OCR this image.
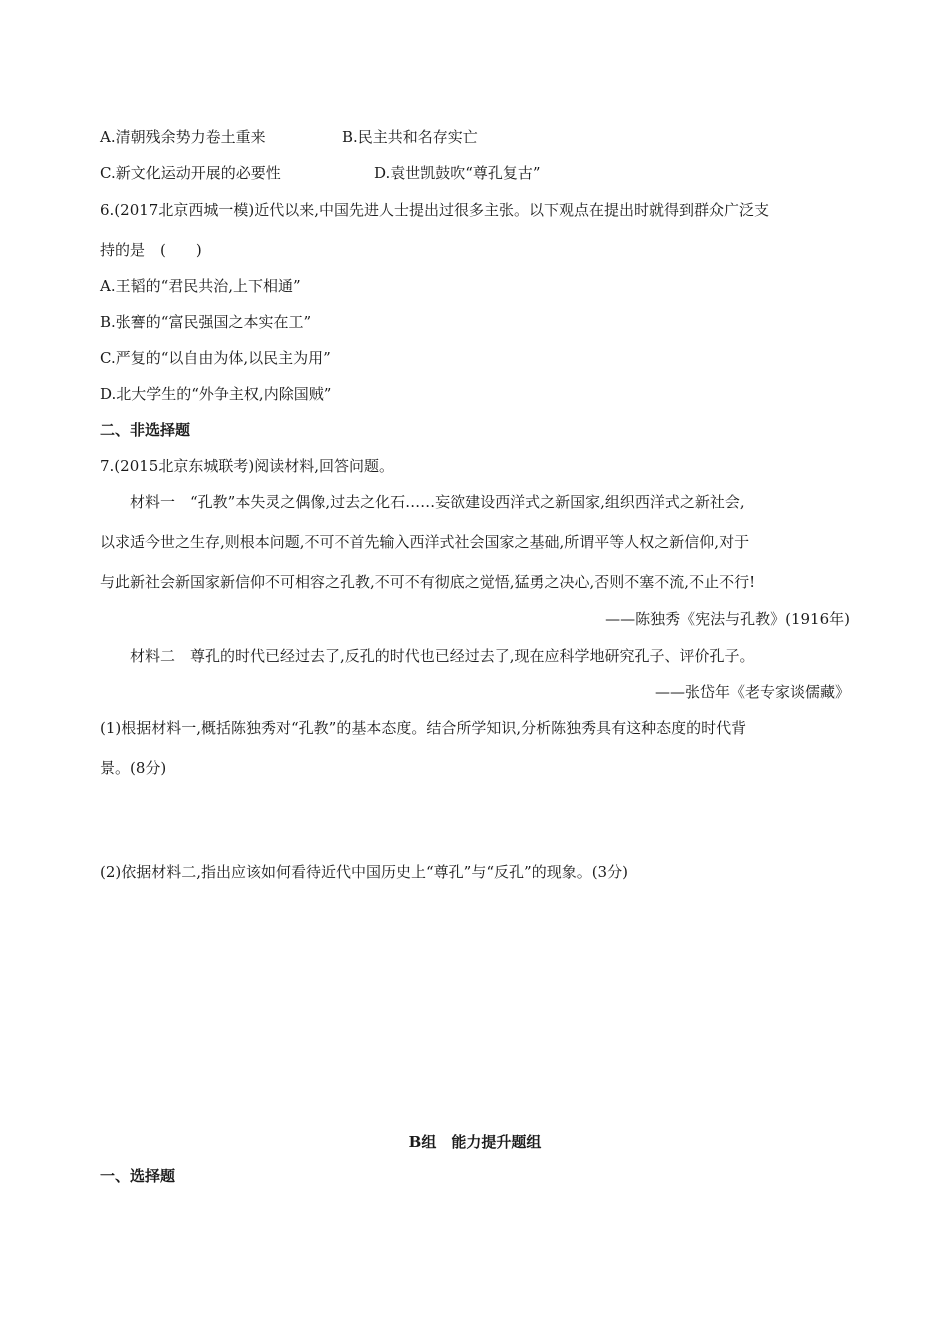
A.清朝残余势力卷土重来	B.民主共和名存实亡
C.新文化运动开展的必要性	D.袁世凯鼓吹“尊孔复古”
6.(2017北京西城一模)近代以来,中国先进人士提出过很多主张。以下观点在提出时就得到群众广泛支
持的是　(　　)
A.王韬的“君民共治,上下相通”
B.张謇的“富民强国之本实在工”
C.严复的“以自由为体,以民主为用”
D.北大学生的“外争主权,内除国贼”
二、非选择题
7.(2015北京东城联考)阅读材料,回答问题。
材料一　“孔教”本失灵之偶像,过去之化石……妄欲建设西洋式之新国家,组织西洋式之新社会,
以求适今世之生存,则根本问题,不可不首先输入西洋式社会国家之基础,所谓平等人权之新信仰,对于
与此新社会新国家新信仰不可相容之孔教,不可不有彻底之觉悟,猛勇之决心,否则不塞不流,不止不行!
——陈独秀《宪法与孔教》(1916年)
材料二　尊孔的时代已经过去了,反孔的时代也已经过去了,现在应科学地研究孔子、评价孔子。
——张岱年《老专家谈儒藏》
(1)根据材料一,概括陈独秀对“孔教”的基本态度。结合所学知识,分析陈独秀具有这种态度的时代背
景。(8分)
(2)依据材料二,指出应该如何看待近代中国历史上“尊孔”与“反孔”的现象。(3分)
B组　能力提升题组
一、选择题
